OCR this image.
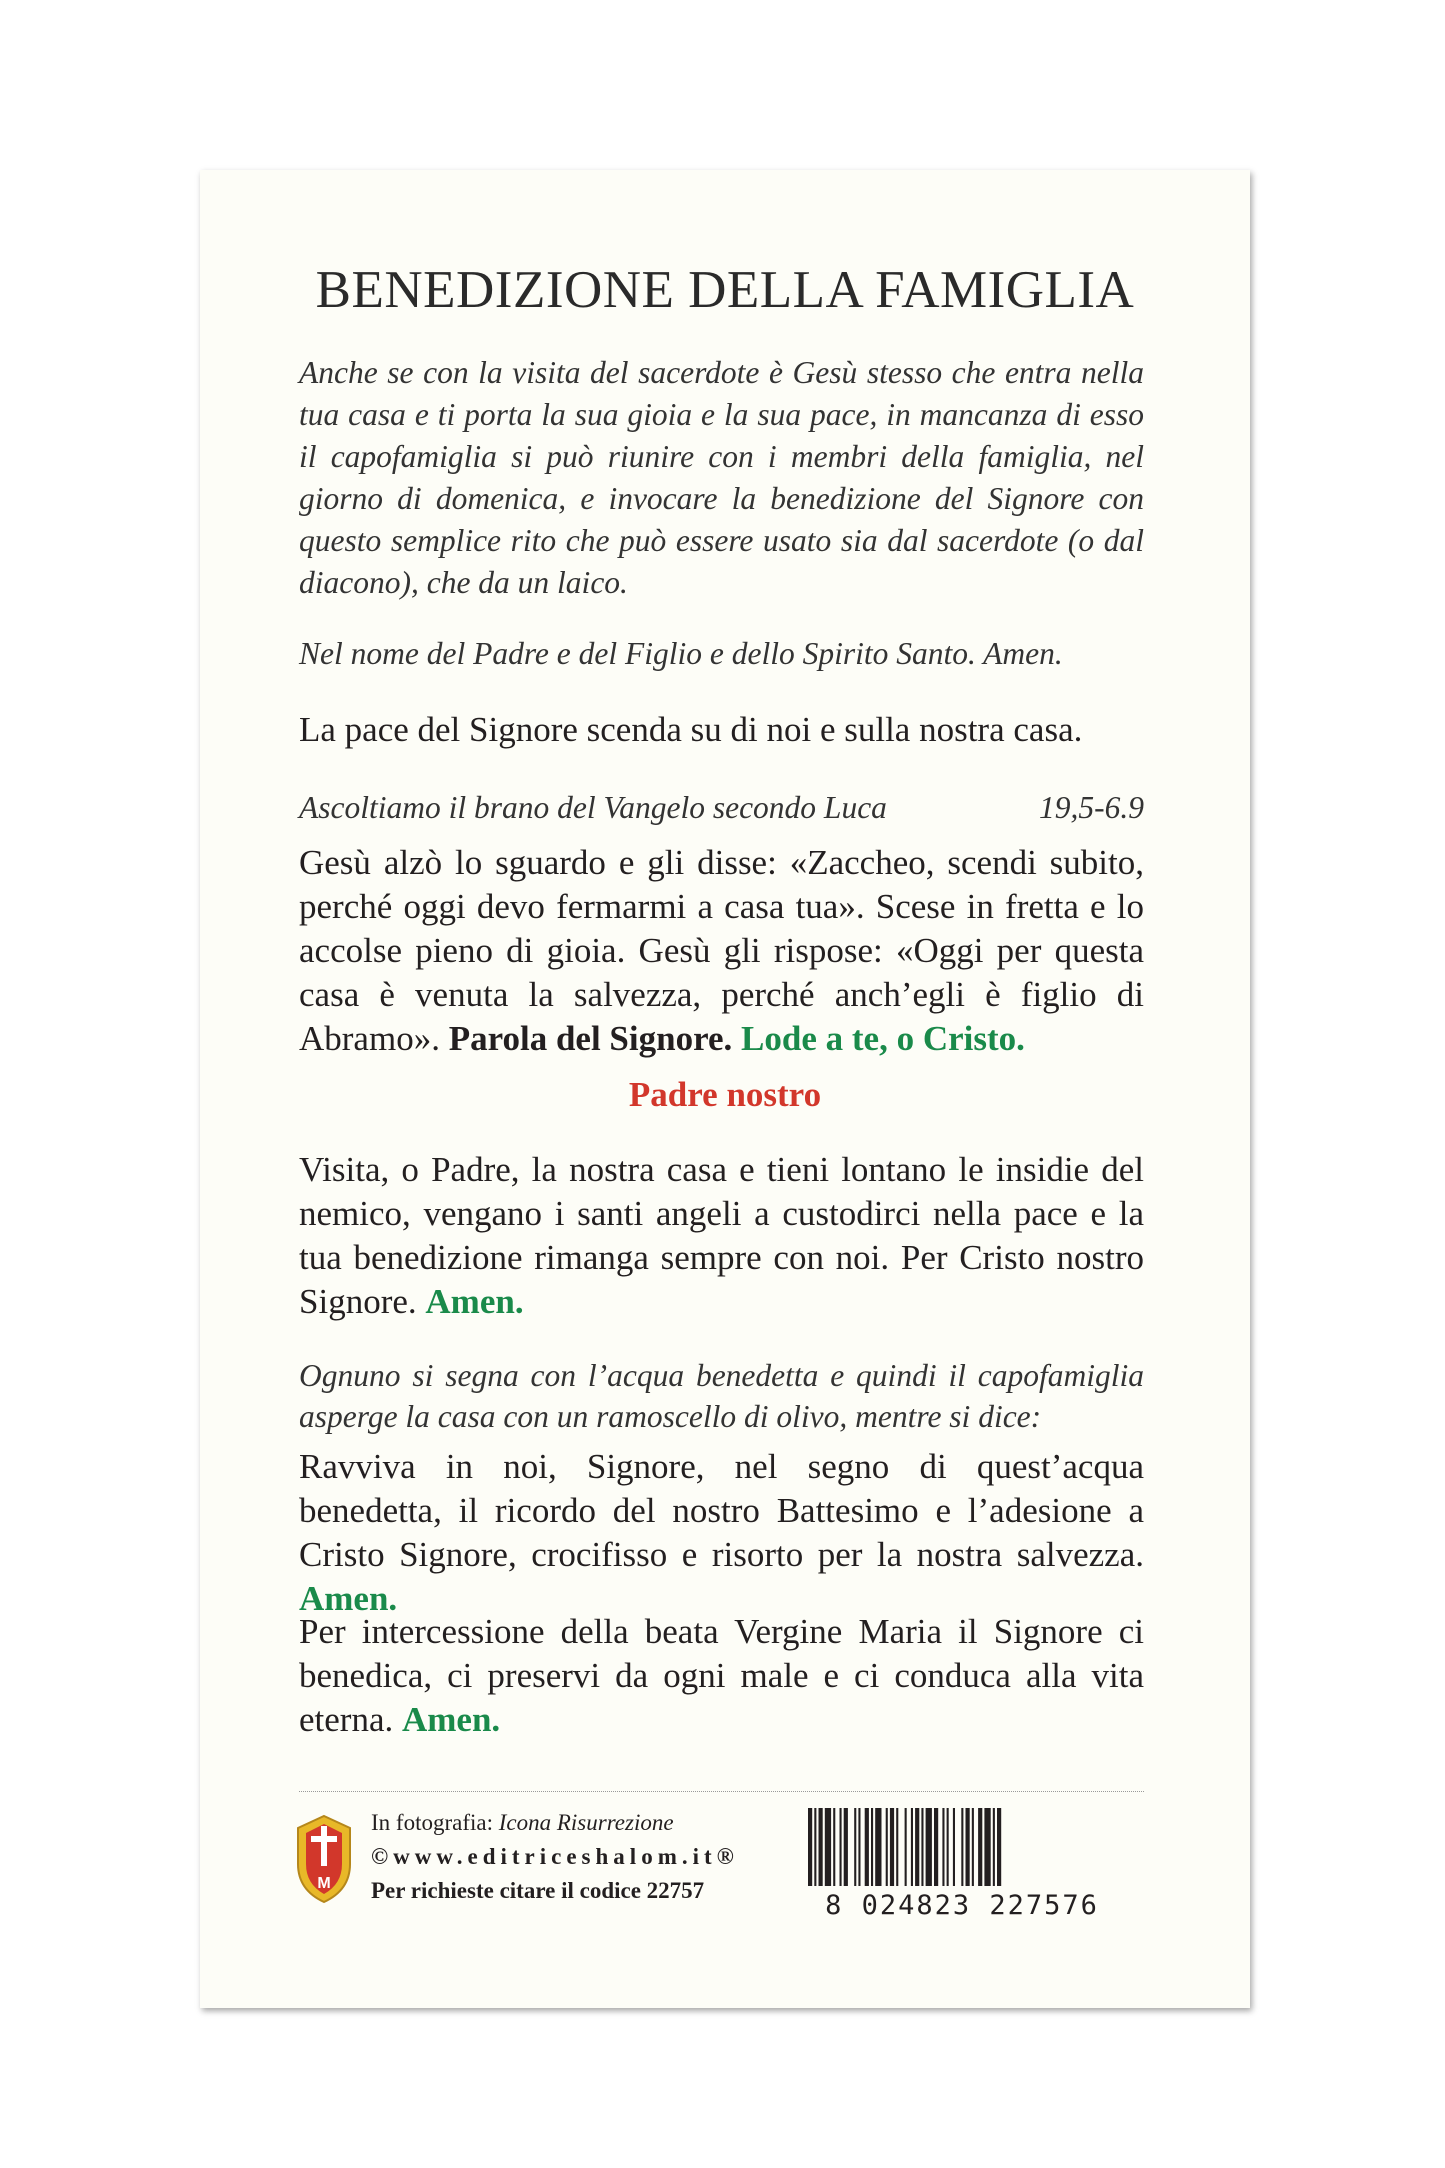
BENEDIZIONE DELLA FAMIGLIA

Anche se con la visita del sacerdote è Gesù stesso che entra nella tua casa e ti porta la sua gioia e la sua pace, in mancanza di esso il capofamiglia si può riunire con i membri della famiglia, nel giorno di domenica, e invocare la benedizione del Signore con questo semplice rito che può essere usato sia dal sacerdote (o dal diacono), che da un laico.

Nel nome del Padre e del Figlio e dello Spirito Santo. Amen.

La pace del Signore scenda su di noi e sulla nostra casa.

Ascoltiamo il brano del Vangelo secondo Luca	19,5-6.9

Gesù alzò lo sguardo e gli disse: «Zaccheo, scendi subito, perché oggi devo fermarmi a casa tua». Scese in fretta e lo accolse pieno di gioia. Gesù gli rispose: «Oggi per questa casa è venuta la salvezza, perché anch’egli è figlio di Abramo». Parola del Signore. Lode a te, o Cristo.

Padre nostro

Visita, o Padre, la nostra casa e tieni lontano le insidie del nemico, vengano i santi angeli a custodirci nella pace e la tua benedizione rimanga sempre con noi. Per Cristo nostro Signore. Amen.

Ognuno si segna con l’acqua benedetta e quindi il capofamiglia asperge la casa con un ramoscello di olivo, mentre si dice:

Ravviva in noi, Signore, nel segno di quest’acqua benedetta, il ricordo del nostro Battesimo e l’adesione a Cristo Signore, crocifisso e risorto per la nostra salvezza. Amen.

Per intercessione della beata Vergine Maria il Signore ci benedica, ci preservi da ogni male e ci conduca alla vita eterna. Amen.

M
In fotografia: Icona Risurrezione
©www.editriceshalom.it®
Per richieste citare il codice 22757	8 024823 227576
